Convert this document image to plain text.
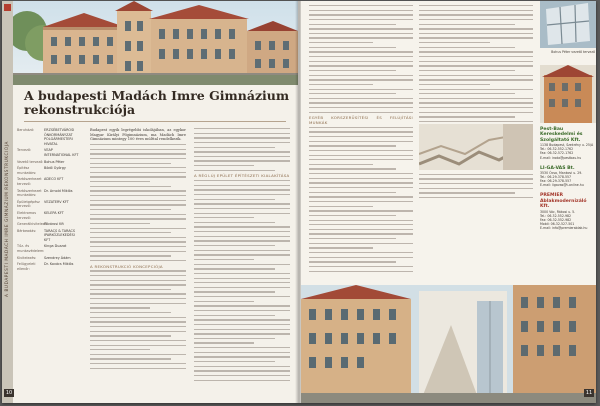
A BUDAPESTI MADÁCH IMRE GIMNÁZIUM REKONSTRUKCIÓJA
A budapesti Madách Imre Gimnázium rekonstrukciója
Beruházó:	ERZSÉBETVÁROSI ÖNKORMÁNYZAT POLGÁRMESTERI HIVATAL
Tervező:	VEAP INTERNATIONAL KFT
Vezető tervező: Bohus Péter
Építész munkatárs:
Bödő György
Tartószerkezet tervező:
ADECO KFT
Tartószerkezet munkatárs:
Dr. Arnold Miklós
Épületgépész tervező:
VEZATERV KFT
Elektromos tervező:
KELEPA KFT
Generálkivitelező:
Fővárosi Kft
Bérbeadás:	TARACS & TARACS IPARKÖZLEKEDÉSI KFT
Tűz- és munkavédelem:
Kinga Duzzat
Kivitelezés:	Szendrey Ádám
Felügyeleti ellenőr:
Dr. Kovács Miklós

Budapest egyik legrégebbi iskolájában, az egykor Magyar Királyi Főgimnázium, ma Madách Imre Gimnázium mintegy 100 éves múlttal rendelkezik.

A REKONSTRUKCIÓ KONCEPCIÓJA
A RÉGI-ÚJ EPÜLET ÉPÍTÉSZETI KIALAKÍTÁSA
10
EGYÉB KORSZERŰSÍTÉSI ÉS FELÚJÍTÁSI MUNKÁK
Bohus Péter vezető tervező
Pest-Bau Kereskedelmi és Szolgáltató Kft.
1138 Budapest, Szekrény u. 25/A
Tel.: 06-32-552-1762
Fax: 06-32-572-1762
E-mail: iroda@pestbau.hu
LI-GA-VAS Bt.
3530 Ócsa, Mankovi u. 29.
Tel.: 06-29-378-557
Fax: 06-29-378-557
E-mail: ligavas@t-online.hu
PREMIER Ablakmodernizáló Kft.
3000 Vác, Rákosi u. 5.
Tel.: 06-32-552-982
Fax: 06-32-552-982
Mobil: 06-32-527-501
E-mail: info@premierablak.hu
11
